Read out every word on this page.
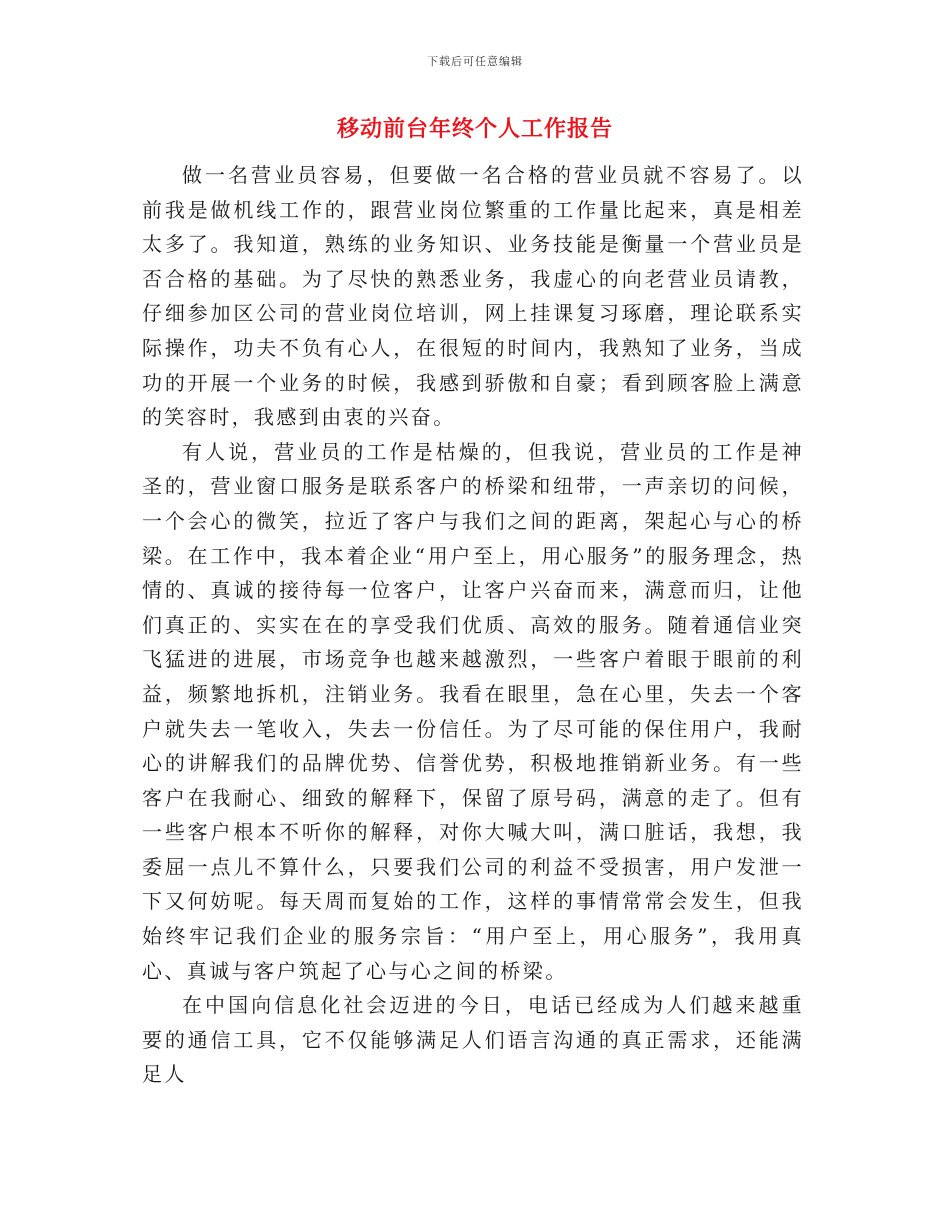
下载后可任意编辑
移动前台年终个人工作报告

做一名营业员容易，但要做一名合格的营业员就不容易了。以前我是做机线工作的，跟营业岗位繁重的工作量比起来，真是相差太多了。我知道，熟练的业务知识、业务技能是衡量一个营业员是否合格的基础。为了尽快的熟悉业务，我虚心的向老营业员请教，仔细参加区公司的营业岗位培训，网上挂课复习琢磨，理论联系实际操作，功夫不负有心人，在很短的时间内，我熟知了业务，当成功的开展一个业务的时候，我感到骄傲和自豪；看到顾客脸上满意的笑容时，我感到由衷的兴奋。

有人说，营业员的工作是枯燥的，但我说，营业员的工作是神圣的，营业窗口服务是联系客户的桥梁和纽带，一声亲切的问候，一个会心的微笑，拉近了客户与我们之间的距离，架起心与心的桥梁。在工作中，我本着企业“用户至上，用心服务”的服务理念，热情的、真诚的接待每一位客户，让客户兴奋而来，满意而归，让他们真正的、实实在在的享受我们优质、高效的服务。随着通信业突飞猛进的进展，市场竞争也越来越激烈，一些客户着眼于眼前的利益，频繁地拆机，注销业务。我看在眼里，急在心里，失去一个客户就失去一笔收入，失去一份信任。为了尽可能的保住用户，我耐心的讲解我们的品牌优势、信誉优势，积极地推销新业务。有一些客户在我耐心、细致的解释下，保留了原号码，满意的走了。但有一些客户根本不听你的解释，对你大喊大叫，满口脏话，我想，我委屈一点儿不算什么，只要我们公司的利益不受损害，用户发泄一下又何妨呢。每天周而复始的工作，这样的事情常常会发生，但我始终牢记我们企业的服务宗旨：“用户至上，用心服务”，我用真心、真诚与客户筑起了心与心之间的桥梁。

在中国向信息化社会迈进的今日，电话已经成为人们越来越重要的通信工具，它不仅能够满足人们语言沟通的真正需求，还能满足人
